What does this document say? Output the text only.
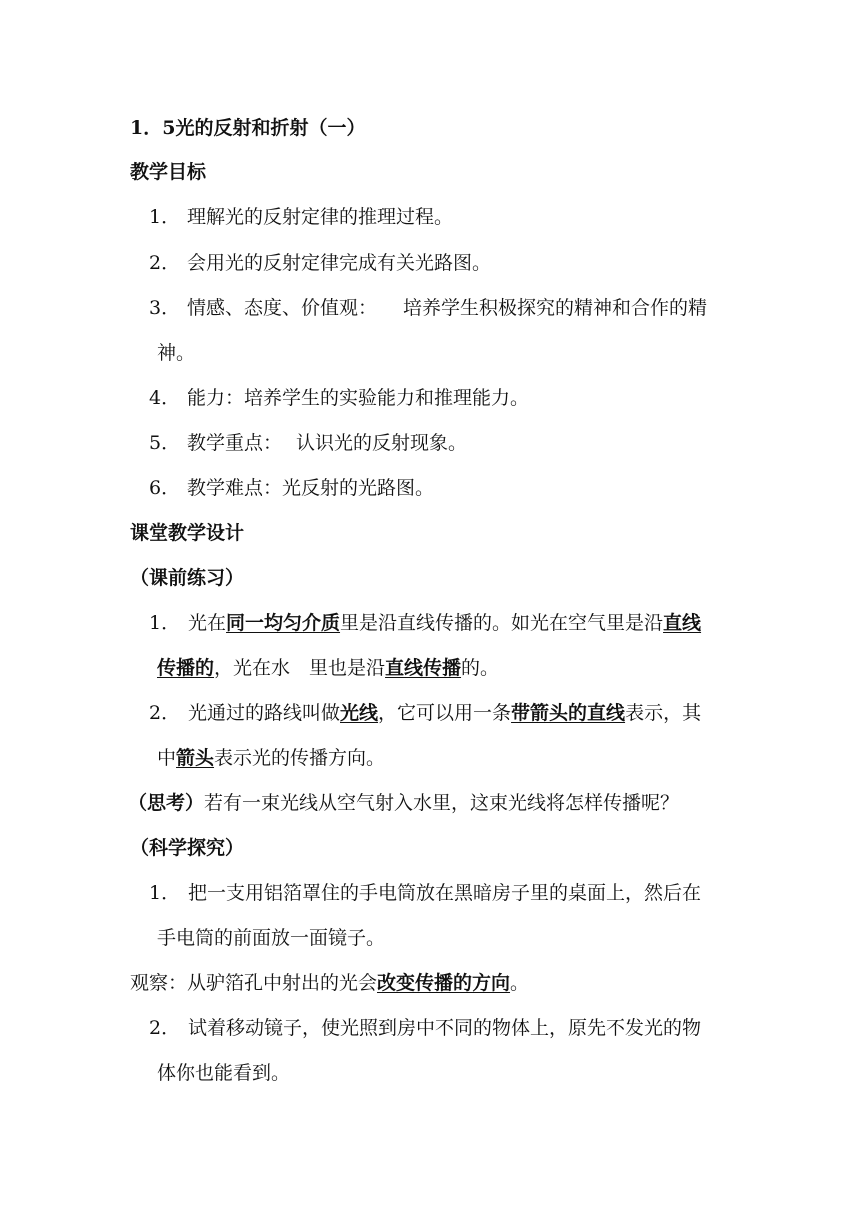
1．5光的反射和折射（一）
教学目标
1． 理解光的反射定律的推理过程。
2． 会用光的反射定律完成有关光路图。
3． 情感、态度、价值观： 培养学生积极探究的精神和合作的精
神。
4． 能力：培养学生的实验能力和推理能力。
5． 教学重点： 认识光的反射现象。
6． 教学难点：光反射的光路图。
课堂教学设计
（课前练习）
1． 光在同一均匀介质里是沿直线传播的。如光在空气里是沿直线
传播的，光在水　里也是沿直线传播的。
2． 光通过的路线叫做光线，它可以用一条带箭头的直线表示，其
中箭头表示光的传播方向。
（思考）若有一束光线从空气射入水里，这束光线将怎样传播呢？
（科学探究）
1． 把一支用铝箔罩住的手电筒放在黑暗房子里的桌面上，然后在
手电筒的前面放一面镜子。
观察：从驴箔孔中射出的光会改变传播的方向。
2． 试着移动镜子，使光照到房中不同的物体上，原先不发光的物
体你也能看到。
